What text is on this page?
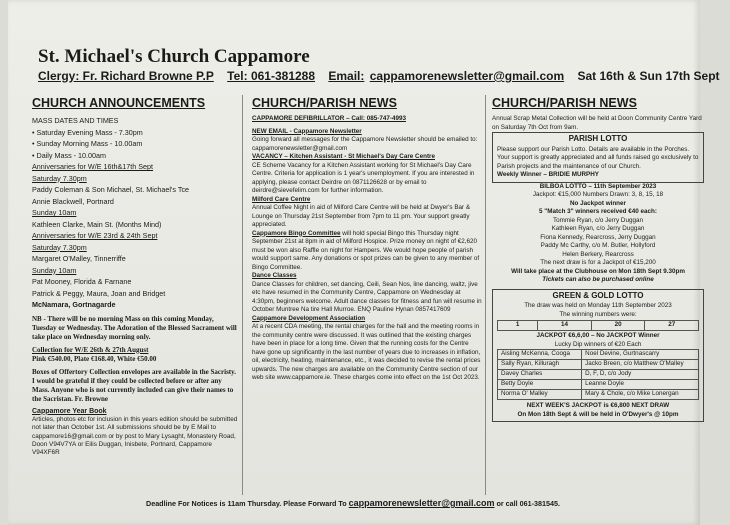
St. Michael's Church Cappamore
Clergy: Fr. Richard Browne P.P Tel: 061-381288 Email: cappamorenewsletter@gmail.com Sat 16th & Sun 17th Sept

CHURCH ANNOUNCEMENTS

MASS DATES AND TIMES

• Saturday Evening Mass - 7.30pm

• Sunday Morning Mass - 10.00am

• Daily Mass - 10.00am

Anniversaries for W/E 16th&17th Sept

Saturday 7.30pm

Paddy Coleman & Son Michael, St. Michael's Tce

Annie Blackwell, Portnard

Sunday 10am

Kathleen Clarke, Main St. (Months Mind)

Anniversaries for W/E 23rd & 24th Sept

Saturday 7.30pm

Margaret O'Malley, Tinnerriffe

Sunday 10am

Pat Mooney, Florida & Farnane

Patrick & Peggy, Maura, Joan and Bridget

McNamara, Gortnagarde

NB - There will be no morning Mass on this coming Monday, Tuesday or Wednesday. The Adoration of the Blessed Sacrament will take place on Wednesday morning only.

Collection for W/E 26th & 27th August

Pink €540.00, Plate €168.40, White €50.00

Boxes of Offertory Collection envelopes are available in the Sacristy. I would be grateful if they could be collected before or after any Mass. Anyone who is not currently included can give their names to the Sacristan. Fr. Browne

Cappamore Year Book

Articles, photos etc for inclusion in this years edition should be submitted not later than October 1st. All submissions should be by E Mail to cappamore16@gmail.com or by post to Mary Lysaght, Monastery Road, Doon V94V7YA or Eilis Duggan, Inisbete, Portnard, Cappamore V94XF6R

CHURCH/PARISH NEWS

CAPPAMORE DEFIBRILLATOR – Call: 085-747-4993

NEW EMAIL - Cappamore Newsletter

Going forward all messages for the Cappamore Newsletter should be emailed to: cappamorenewsletter@gmail.com

VACANCY – Kitchen Assistant - St Michael's Day Care Centre

CE Scheme Vacancy for a Kitchen Assistant working for St Michael's Day Care Centre. Criteria for application is 1 year's unemployment. If you are interested in applying, please contact Deirdre on 0871126628 or by email to deirdre@sievefelim.com for further information.

Milford Care Centre

Annual Coffee Night in aid of Milford Care Centre will be held at Dwyer's Bar & Lounge on Thursday 21st September from 7pm to 11 pm. Your support greatly appreciated.

Cappamore Bingo Committee will hold special Bingo this Thursday night September 21st at 8pm in aid of Milford Hospice. Prize money on night of €2,620 must be won also Raffle on night for Hampers. We would hope people of parish would support same. Any donations or spot prizes can be given to any member of Bingo Committee.

Dance Classes

Dance Classes for children, set dancing, Ceili, Sean Nos, line dancing, waltz, jive etc have resumed in the Community Centre, Cappamore on Wednesday at 4:30pm, beginners welcome. Adult dance classes for fitness and fun will resume in October Muntree Na tire Hall Murroe. ENQ Pauline Hynan 0857417609

Cappamore Development Association

At a recent CDA meeting, the rental charges for the hall and the meeting rooms in the community centre were discussed. It was outlined that the existing charges have been in place for a long time. Given that the running costs for the Centre have gone up significantly in the last number of years due to increases in inflation, oil, electricity, heating, maintenance, etc., it was decided to revise the rental prices upwards. The new charges are available on the Community Centre section of our web site www.cappamore.ie. These charges come into effect on the 1st Oct 2023.

CHURCH/PARISH NEWS

Annual Scrap Metal Collection will be held at Doon Community Centre Yard on Saturday 7th Oct from 9am.

PARISH LOTTO

Please support our Parish Lotto. Details are available in the Porches. Your support is greatly appreciated and all funds raised go exclusively to Parish projects and the maintenance of our Church.

Weekly Winner – BRIDIE MURPHY

BILBOA LOTTO – 11th September 2023

Jackpot: €15,000 Numbers Drawn: 3, 8, 15, 18

No Jackpot winner

5 "Match 3" winners received €40 each:

Tommie Ryan, c/o Jerry Duggan

Kathleen Ryan, c/o Jerry Duggan

Fiona Kennedy, Rearcross, Jerry Duggan

Paddy Mc Carthy, c/o M. Butler, Hollyford

Helen Berkery, Rearcross

The next draw is for a Jackpot of €15,200

Will take place at the Clubhouse on Mon 18th Sept 9.30pm

Tickets can also be purchased online

GREEN & GOLD LOTTO

The draw was held on Monday 11th September 2023

The winning numbers were:

1	14	20	27

JACKPOT €6,6,00 – No JACKPOT Winner

Lucky Dip winners of €20 Each

Aisling McKenna, Cooga	Noel Devine, Gurtnascarry
Sally Ryan, Killuragh	Jacko Breen, c/o Matthew O'Malley
Davey Charles	D, F, D, c/o Jody
Betty Doyle	Leanne Doyle
Norma O' Malley	Mary & Chole, c/o Mike Lonergan

NEXT WEEK'S JACKPOT is €6,800 NEXT DRAW

On Mon 18th Sept & will be held in O'Dwyer's @ 10pm

Deadline For Notices is 11am Thursday. Please Forward To cappamorenewsletter@gmail.com or call 061-381545.
